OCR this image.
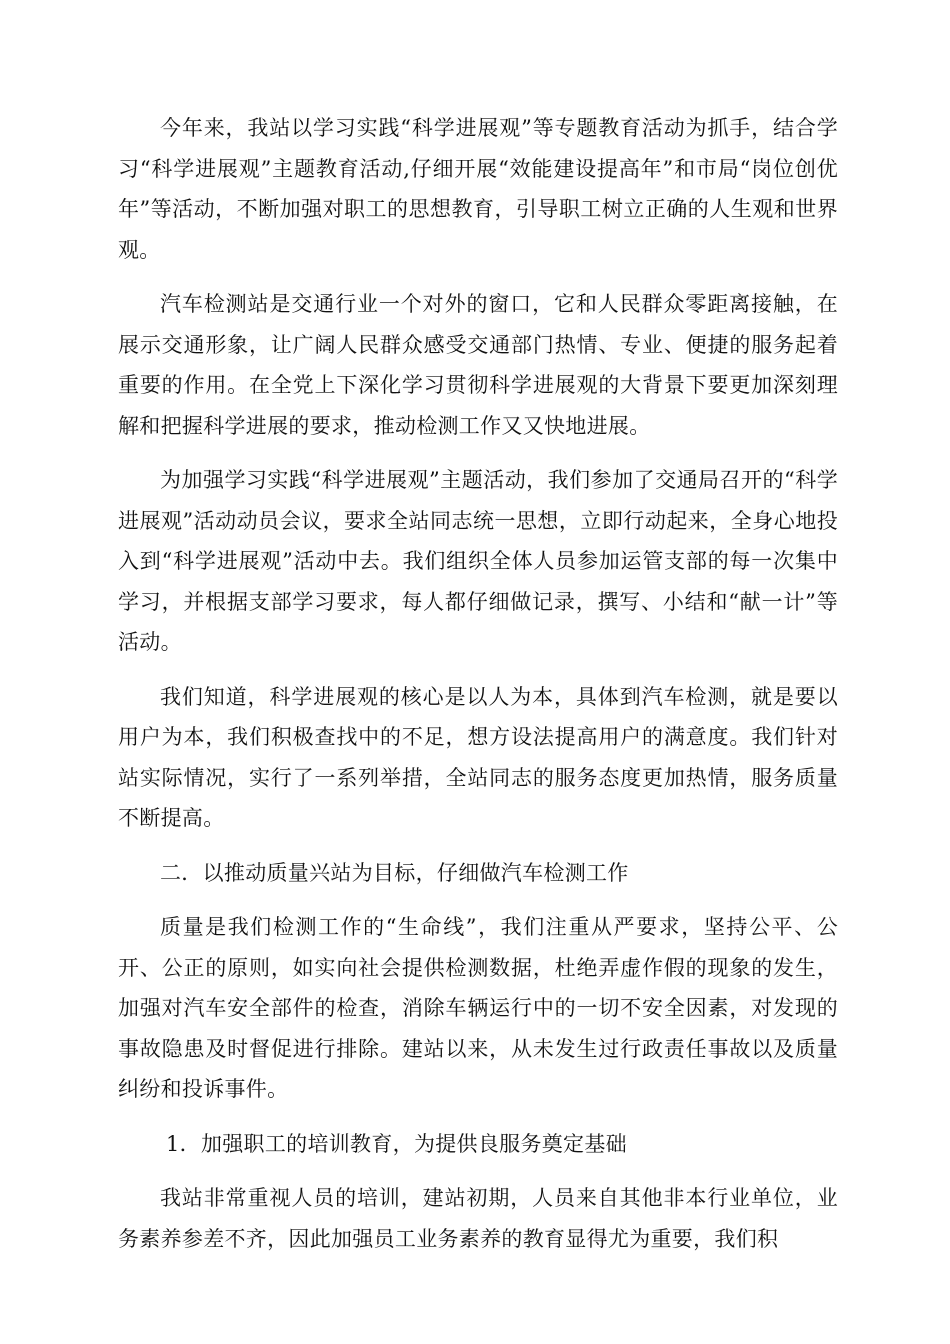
今年来，我站以学习实践“科学进展观”等专题教育活动为抓手，结合学习“科学进展观”主题教育活动,仔细开展“效能建设提高年”和市局“岗位创优年”等活动，不断加强对职工的思想教育，引导职工树立正确的人生观和世界观。

汽车检测站是交通行业一个对外的窗口，它和人民群众零距离接触，在展示交通形象，让广阔人民群众感受交通部门热情、专业、便捷的服务起着重要的作用。在全党上下深化学习贯彻科学进展观的大背景下要更加深刻理解和把握科学进展的要求，推动检测工作又又快地进展。

为加强学习实践“科学进展观”主题活动，我们参加了交通局召开的“科学进展观”活动动员会议，要求全站同志统一思想，立即行动起来，全身心地投入到“科学进展观”活动中去。我们组织全体人员参加运管支部的每一次集中学习，并根据支部学习要求，每人都仔细做记录，撰写、小结和“献一计”等活动。

我们知道，科学进展观的核心是以人为本，具体到汽车检测，就是要以用户为本，我们积极查找中的不足，想方设法提高用户的满意度。我们针对站实际情况，实行了一系列举措，全站同志的服务态度更加热情，服务质量不断提高。

二．以推动质量兴站为目标，仔细做汽车检测工作

质量是我们检测工作的“生命线”，我们注重从严要求，坚持公平、公开、公正的原则，如实向社会提供检测数据，杜绝弄虚作假的现象的发生，加强对汽车安全部件的检查，消除车辆运行中的一切不安全因素，对发现的事故隐患及时督促进行排除。建站以来，从未发生过行政责任事故以及质量纠纷和投诉事件。

1．加强职工的培训教育，为提供良服务奠定基础

我站非常重视人员的培训，建站初期，人员来自其他非本行业单位，业务素养参差不齐，因此加强员工业务素养的教育显得尤为重要，我们积
